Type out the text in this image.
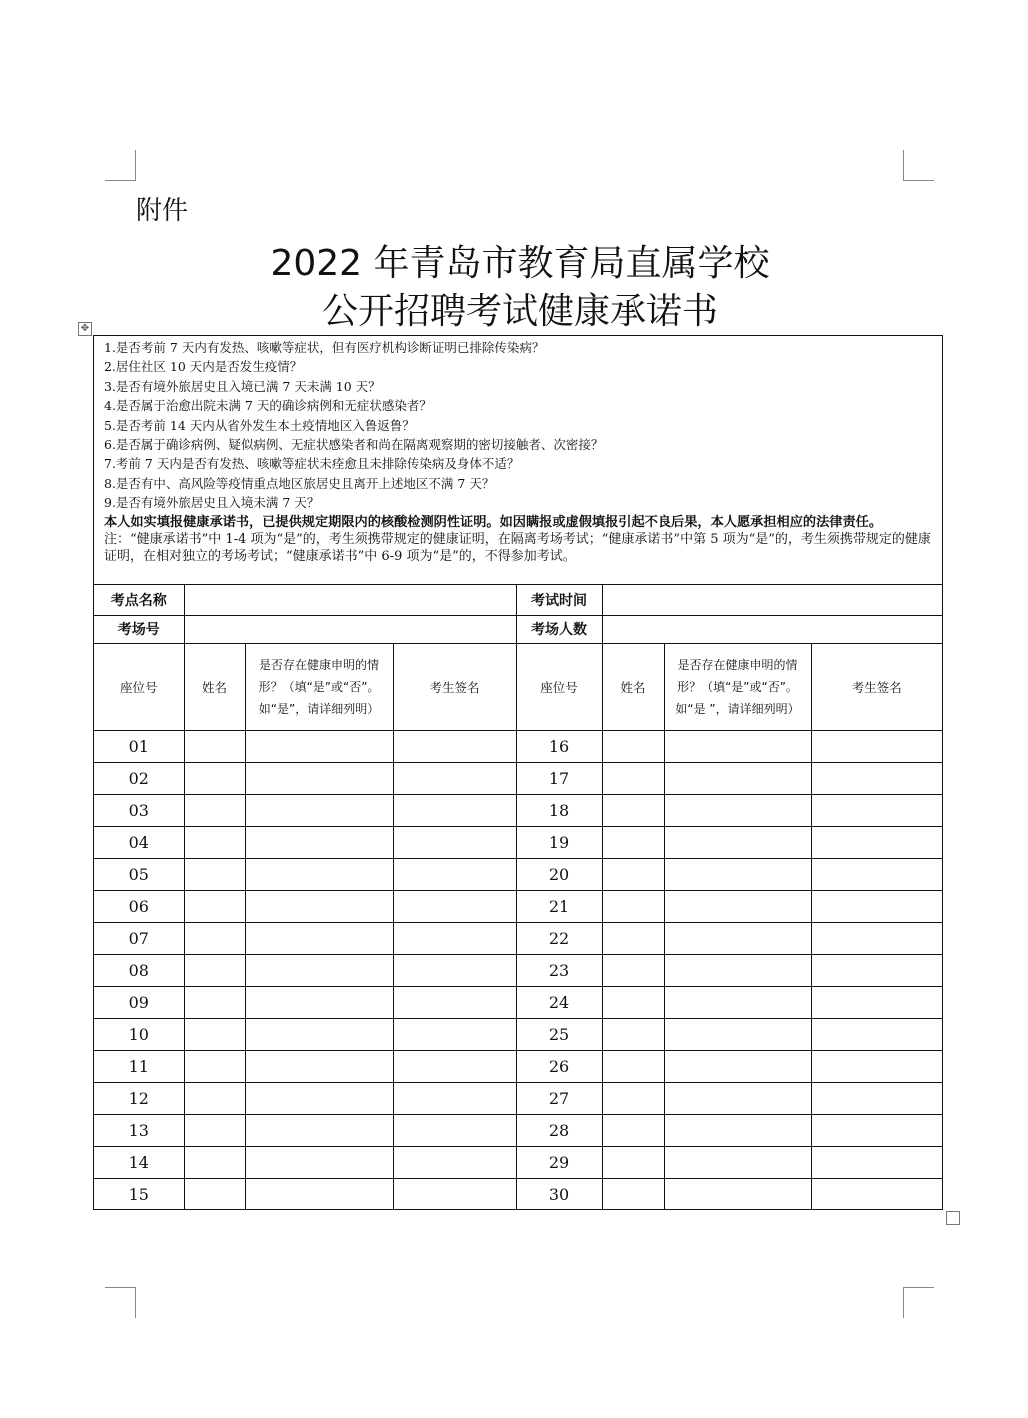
附件
2022 年青岛市教育局直属学校
公开招聘考试健康承诺书
✥
1.是否考前 7 天内有发热、咳嗽等症状，但有医疗机构诊断证明已排除传染病？
2.居住社区 10 天内是否发生疫情？
3.是否有境外旅居史且入境已满 7 天未满 10 天？
4.是否属于治愈出院未满 7 天的确诊病例和无症状感染者？
5.是否考前 14 天内从省外发生本土疫情地区入鲁返鲁？
6.是否属于确诊病例、疑似病例、无症状感染者和尚在隔离观察期的密切接触者、次密接？
7.考前 7 天内是否有发热、咳嗽等症状未痊愈且未排除传染病及身体不适？
8.是否有中、高风险等疫情重点地区旅居史且离开上述地区不满 7 天？
9.是否有境外旅居史且入境未满 7 天？
本人如实填报健康承诺书，已提供规定期限内的核酸检测阴性证明。如因瞒报或虚假填报引起不良后果，本人愿承担相应的法律责任。
注：“健康承诺书”中 1-4 项为“是”的，考生须携带规定的健康证明，在隔离考场考试；“健康承诺书”中第 5 项为“是”的，考生须携带规定的健康证明，在相对独立的考场考试；“健康承诺书”中 6-9 项为“是”的，不得参加考试。
考点名称				考试时间			
考场号				考场人数			
座位号	姓名	是否存在健康申明的情形？（填“是”或“否”。如“是”，请详细列明）	考生签名	座位号	姓名	是否存在健康申明的情形？（填“是”或“否”。如“是 ”，请详细列明）	考生签名
01				16			
02				17			
03				18			
04				19			
05				20			
06				21			
07				22			
08				23			
09				24			
10				25			
11				26			
12				27			
13				28			
14				29			
15				30			
